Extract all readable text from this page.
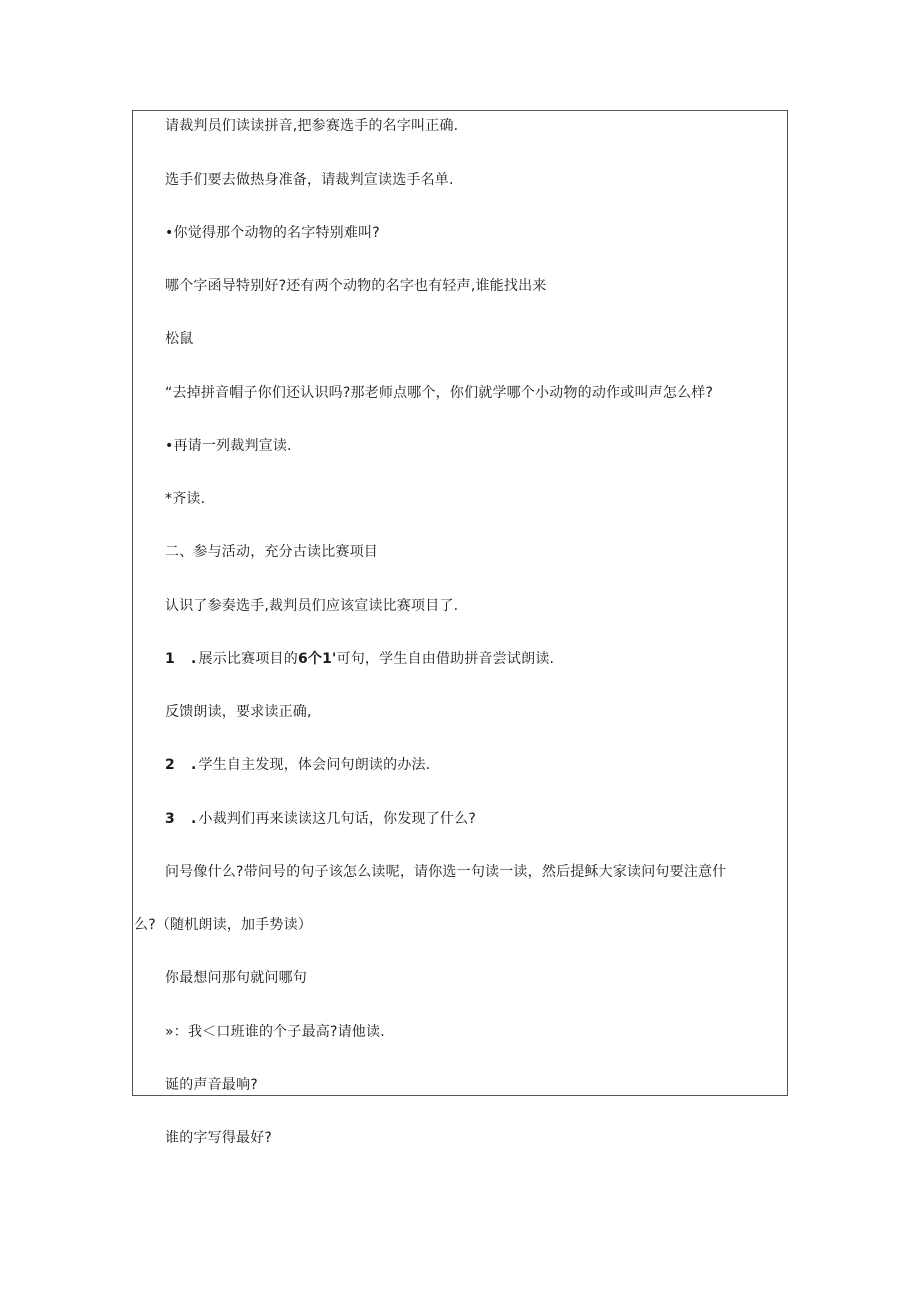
请裁判员们读读拼音,把参赛选手的名字叫正确.
选手们要去做热身准备，请裁判宣读选手名单.
•你觉得那个动物的名字特别难叫?
哪个字函导特别好?还有两个动物的名字也有轻声,谁能找出来
松鼠
“去掉拼音帽子你们还认识吗?那老师点哪个，你们就学哪个小动物的动作或叫声怎么样?
•再请一列裁判宣读.
*齐读.
二、参与活动，充分古读比赛项目
认识了参奏选手,裁判员们应该宣读比赛项目了.
1 . 展示比赛项目的6个1'可句，学生自由借助拼音尝试朗读.
反馈朗读，要求读正确,
2 . 学生自主发现，体会问句朗读的办法.
3 . 小裁判们再来读读这几句话，你发现了什么?
问号像什么?带问号的句子该怎么读呢，请你选一句读一读，然后提稣大家读问句要注意什
么?（随机朗读，加手势读）
你最想问那句就问哪句
»：我＜口班谁的个子最高?请他读.
诞的声音最响?
谁的字写得最好?
